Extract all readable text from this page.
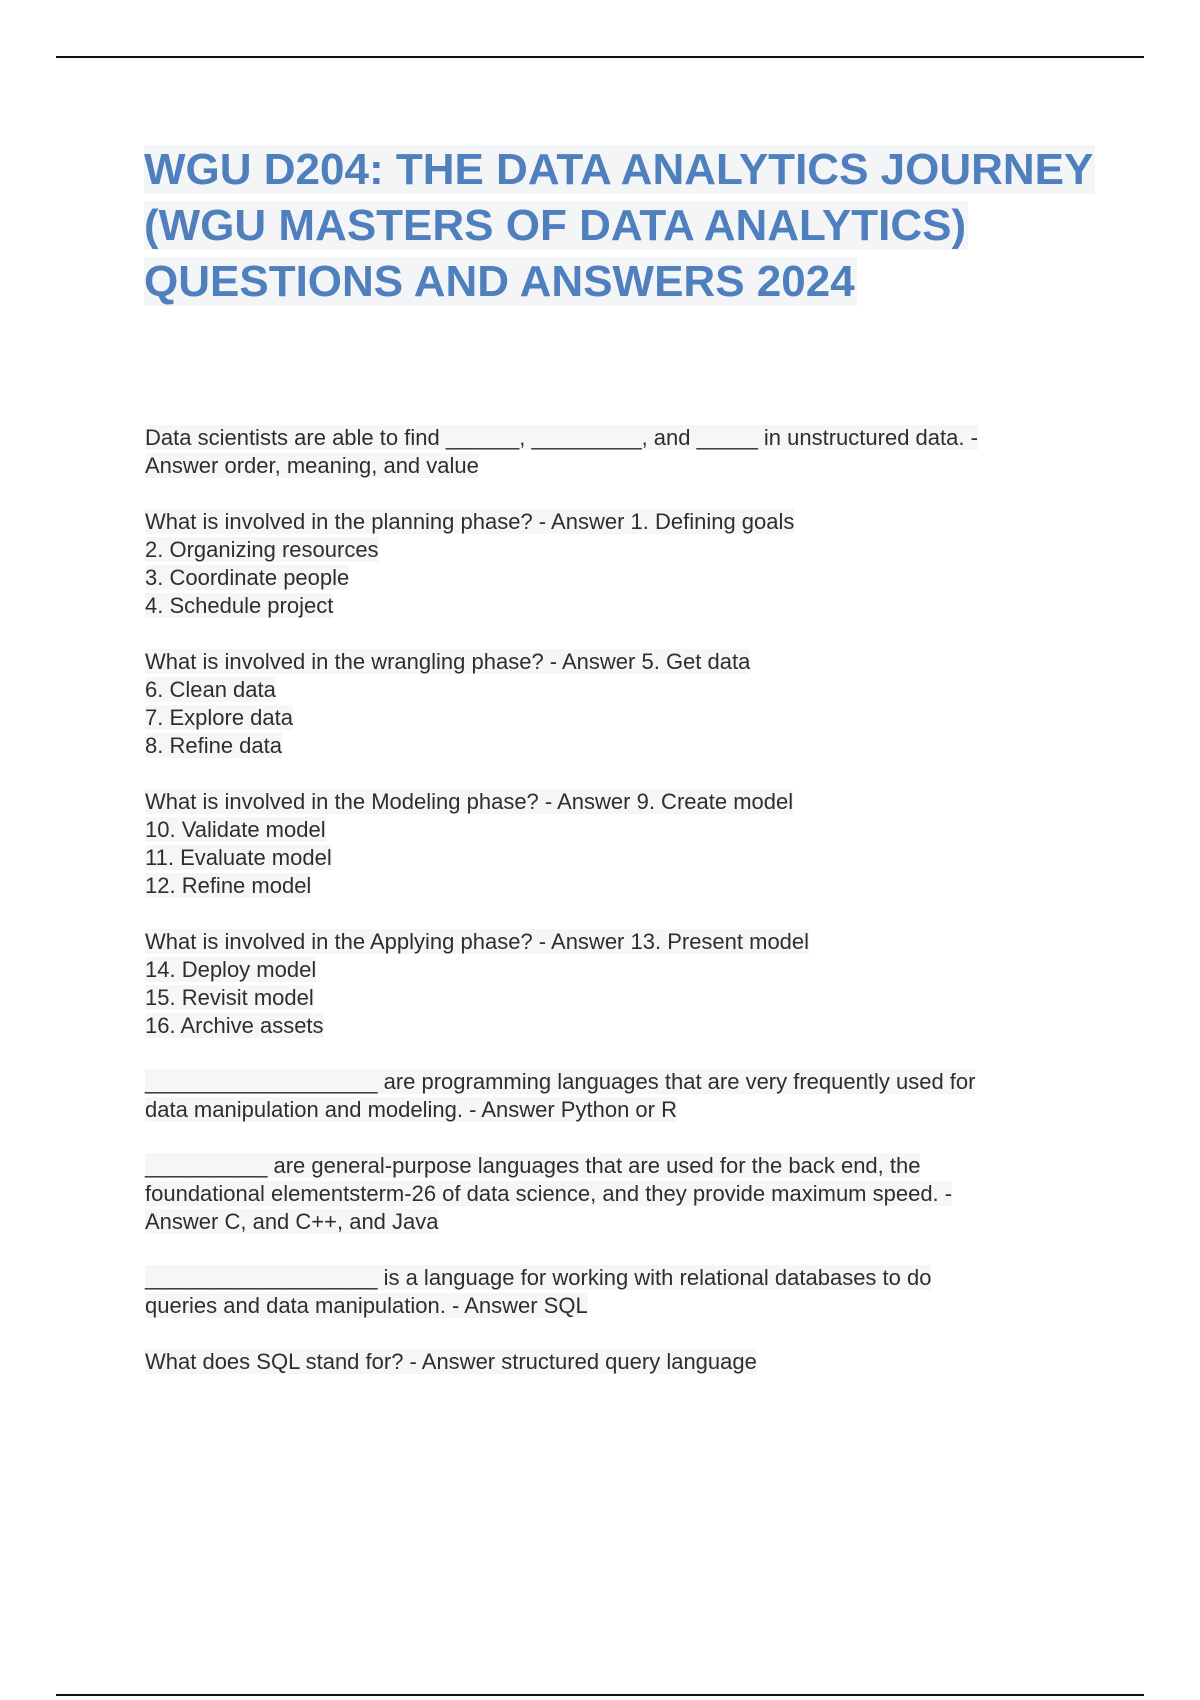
WGU D204: THE DATA ANALYTICS JOURNEY
(WGU MASTERS OF DATA ANALYTICS)
QUESTIONS AND ANSWERS 2024
Data scientists are able to find ______, _________, and _____ in unstructured data. -
Answer order, meaning, and value
What is involved in the planning phase? - Answer 1. Defining goals
2. Organizing resources
3. Coordinate people
4. Schedule project
What is involved in the wrangling phase? - Answer 5. Get data
6. Clean data
7. Explore data
8. Refine data
What is involved in the Modeling phase? - Answer 9. Create model
10. Validate model
11. Evaluate model
12. Refine model
What is involved in the Applying phase? - Answer 13. Present model
14. Deploy model
15. Revisit model
16. Archive assets
___________________ are programming languages that are very frequently used for
data manipulation and modeling. - Answer Python or R
__________ are general-purpose languages that are used for the back end, the
foundational elementsterm-26 of data science, and they provide maximum speed. -
Answer C, and C++, and Java
___________________ is a language for working with relational databases to do
queries and data manipulation. - Answer SQL
What does SQL stand for? - Answer structured query language
